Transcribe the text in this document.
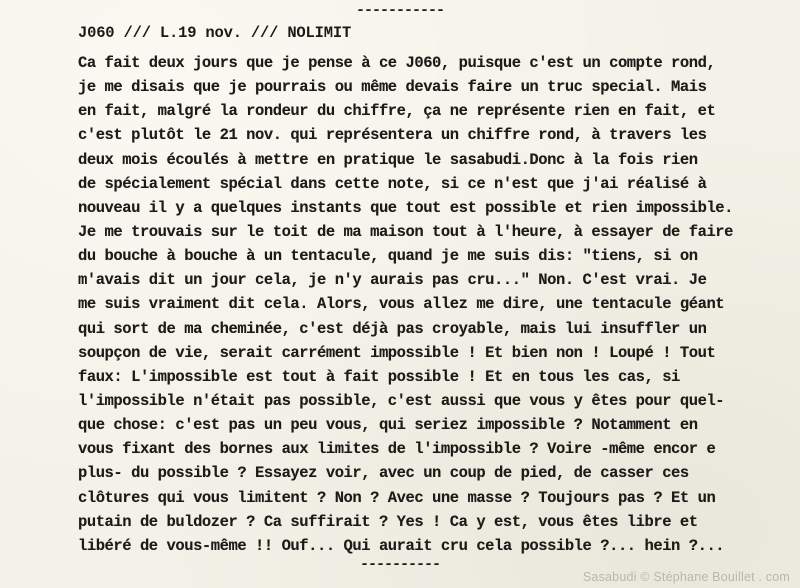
-----------
J060 /// L.19 nov. /// NOLIMIT
Ca fait deux jours que je pense à ce J060, puisque c'est un compte rond,
je me disais que je pourrais ou même devais faire un truc special. Mais
en fait, malgré la rondeur du chiffre, ça ne représente rien en fait, et
c'est plutôt le 21 nov. qui représentera un chiffre rond, à travers les
deux mois écoulés à mettre en pratique le sasabudi.Donc à la fois rien
de spécialement spécial dans cette note, si ce n'est que j'ai réalisé à
nouveau il y a quelques instants que tout est possible et rien impossible.
Je me trouvais sur le toit de ma maison tout à l'heure, à essayer de faire
du bouche à bouche à un tentacule, quand je me suis dis: "tiens, si on
m'avais dit un jour cela, je n'y aurais pas cru..." Non. C'est vrai. Je
me suis vraiment dit cela. Alors, vous allez me dire, une tentacule géant
qui sort de ma cheminée, c'est déjà pas croyable, mais lui insuffler un
soupçon de vie, serait carrément impossible ! Et bien non ! Loupé ! Tout
faux: L'impossible est tout à fait possible ! Et en tous les cas, si
l'impossible n'était pas possible, c'est aussi que vous y êtes pour quel-
que chose: c'est pas un peu vous, qui seriez impossible ? Notamment en
vous fixant des bornes aux limites de l'impossible ? Voire -même encor e
plus- du possible ? Essayez voir, avec un coup de pied, de casser ces
clôtures qui vous limitent ? Non ? Avec une masse ? Toujours pas ? Et un
putain de buldozer ? Ca suffirait ? Yes ! Ca y est, vous êtes libre et
libéré de vous-même !! Ouf... Qui aurait cru cela possible ?... hein ?...
----------
Sasabudi © Stéphane Bouillet . com
